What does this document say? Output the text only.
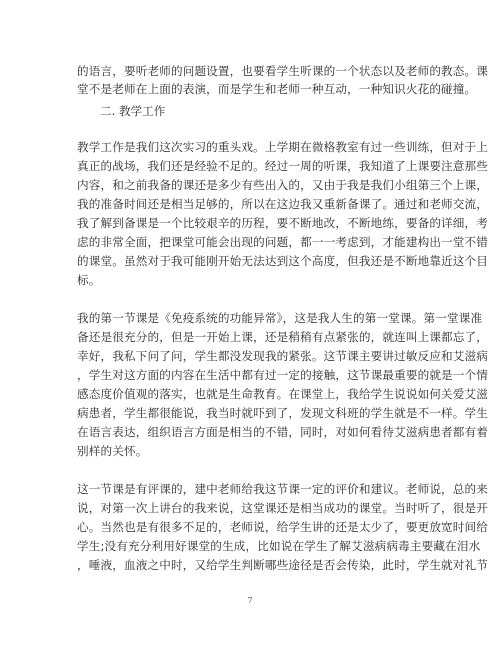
的语言，要听老师的问题设置，也要看学生听课的一个状态以及老师的教态。课
堂不是老师在上面的表演，而是学生和老师一种互动，一种知识火花的碰撞。
二. 教学工作
教学工作是我们这次实习的重头戏。上学期在微格教室有过一些训练，但对于上
真正的战场，我们还是经验不足的。经过一周的听课，我知道了上课要注意那些
内容，和之前我备的课还是多少有些出入的，又由于我是我们小组第三个上课，
我的准备时间还是相当足够的，所以在这边我又重新备课了。通过和老师交流，
我了解到备课是一个比较艰辛的历程，要不断地改，不断地练，要备的详细，考
虑的非常全面，把课堂可能会出现的问题，都一一考虑到，才能建构出一堂不错
的课堂。虽然对于我可能刚开始无法达到这个高度，但我还是不断地靠近这个目
标。
我的第一节课是《免疫系统的功能异常》，这是我人生的第一堂课。第一堂课准
备还是很充分的，但是一开始上课，还是稍稍有点紧张的，就连叫上课都忘了，
幸好，我私下问了问，学生都没发现我的紧张。这节课主要讲过敏反应和艾滋病
，学生对这方面的内容在生活中都有过一定的接触，这节课最重要的就是一个情
感态度价值观的落实，也就是生命教育。在课堂上，我给学生说说如何关爱艾滋
病患者，学生都很能说，我当时就吓到了，发现文科班的学生就是不一样。学生
在语言表达，组织语言方面是相当的不错，同时，对如何看待艾滋病患者都有着
别样的关怀。
这一节课是有评课的，建中老师给我这节课一定的评价和建议。老师说，总的来
说，对第一次上讲台的我来说，这堂课还是相当成功的课堂。当时听了，很是开
心。当然也是有很多不足的，老师说，给学生讲的还是太少了，要更放宽时间给
学生;没有充分利用好课堂的生成，比如说在学生了解艾滋病病毒主要藏在泪水
，唾液，血液之中时，又给学生判断哪些途径是否会传染，此时，学生就对礼节
7
